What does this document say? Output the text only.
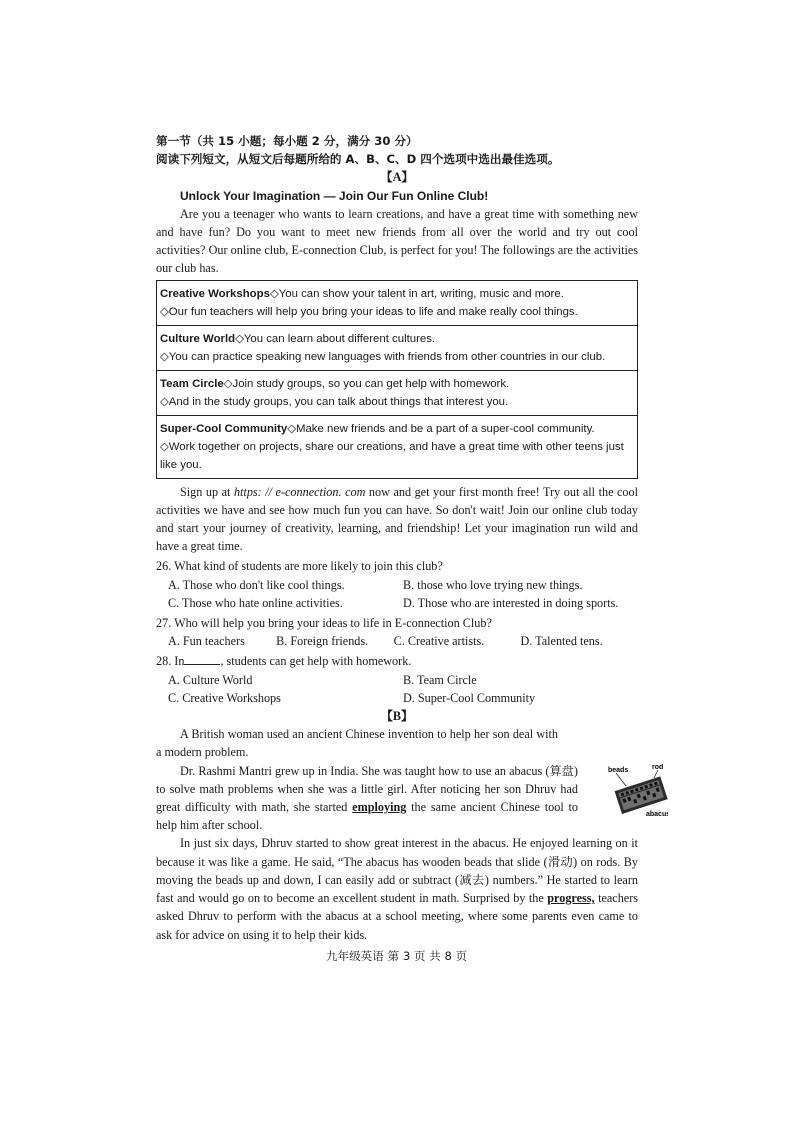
第一节（共 15 小题；每小题 2 分，满分 30 分）
阅读下列短文，从短文后每题所给的 A、B、C、D 四个选项中选出最佳选项。
【A】
Unlock Your Imagination — Join Our Fun Online Club!
Are you a teenager who wants to learn creations, and have a great time with something new and have fun? Do you want to meet new friends from all over the world and try out cool activities? Our online club, E-connection Club, is perfect for you! The followings are the activities our club has.
Creative Workshops◇You can show your talent in art, writing, music and more.
◇Our fun teachers will help you bring your ideas to life and make really cool things.
Culture World◇You can learn about different cultures.
◇You can practice speaking new languages with friends from other countries in our club.
Team Circle◇Join study groups, so you can get help with homework.
◇And in the study groups, you can talk about things that interest you.
Super-Cool Community◇Make new friends and be a part of a super-cool community.
◇Work together on projects, share our creations, and have a great time with other teens just like you.
Sign up at https: // e-connection. com now and get your first month free! Try out all the cool activities we have and see how much fun you can have. So don't wait! Join our online club today and start your journey of creativity, learning, and friendship! Let your imagination run wild and have a great time.
26. What kind of students are more likely to join this club?
A. Those who don't like cool things.	B. those who love trying new things.
C. Those who hate online activities.	D. Those who are interested in doing sports.
27. Who will help you bring your ideas to life in E-connection Club?
A. Fun teachers	B. Foreign friends.	C. Creative artists.	D. Talented tens.
28. In	, students can get help with homework.
A. Culture World	B. Team Circle
C. Creative Workshops	D. Super-Cool Community
【B】
A British woman used an ancient Chinese invention to help her son deal with a modern problem.
beads	rod
abacus
Dr. Rashmi Mantri grew up in India. She was taught how to use an abacus (算盘) to solve math problems when she was a little girl. After noticing her son Dhruv had great difficulty with math, she started employing the same ancient Chinese tool to help him after school.
In just six days, Dhruv started to show great interest in the abacus. He enjoyed learning on it because it was like a game. He said, “The abacus has wooden beads that slide (滑动) on rods. By moving the beads up and down, I can easily add or subtract (减去) numbers.” He started to learn fast and would go on to become an excellent student in math. Surprised by the progress, teachers asked Dhruv to perform with the abacus at a school meeting, where some parents even came to ask for advice on using it to help their kids.
九年级英语 第 3 页 共 8 页
